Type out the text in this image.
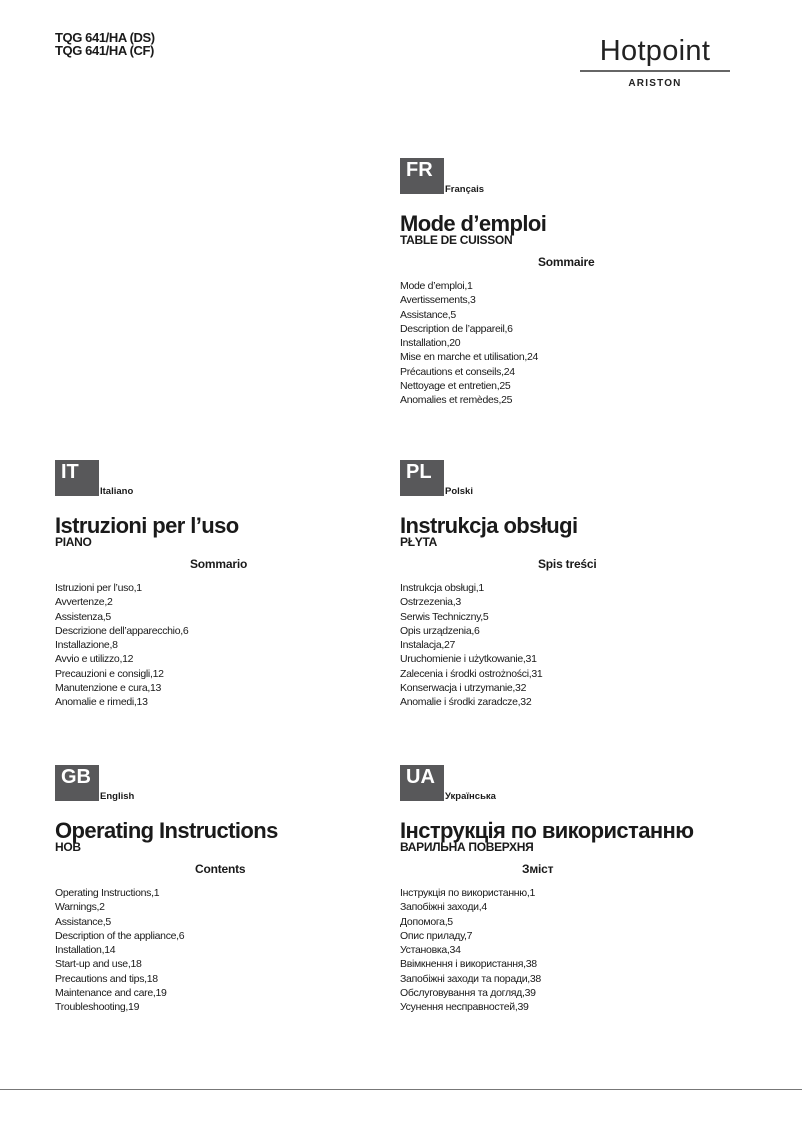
TQG 641/HA (DS)
TQG 641/HA (CF)	Hotpoint
ARISTON
FR
Français
Mode d’emploi
TABLE DE CUISSON
Sommaire
Mode d’emploi,1
Avertissements,3
Assistance,5
Description de l’appareil,6
Installation,20
Mise en marche et utilisation,24
Précautions et conseils,24
Nettoyage et entretien,25
Anomalies et remèdes,25
IT
Italiano
Istruzioni per l’uso
PIANO
Sommario
Istruzioni per l’uso,1
Avvertenze,2
Assistenza,5
Descrizione dell’apparecchio,6
Installazione,8
Avvio e utilizzo,12
Precauzioni e consigli,12
Manutenzione e cura,13
Anomalie e rimedi,13
PL
Polski
Instrukcja obsługi
PŁYTA
Spis treści
Instrukcja obsługi,1
Ostrzezenia,3
Serwis Techniczny,5
Opis urządzenia,6
Instalacja,27
Uruchomienie i użytkowanie,31
Zalecenia i środki ostrożności,31
Konserwacja i utrzymanie,32
Anomalie i środki zaradcze,32
GB
English
Operating Instructions
HOB
Contents
Operating Instructions,1
Warnings,2
Assistance,5
Description of the appliance,6
Installation,14
Start-up and use,18
Precautions and tips,18
Maintenance and care,19
Troubleshooting,19
UA
Українська
Інструкція по використанню
ВАРИЛЬНА ПОВЕРХНЯ
Зміст
Інструкція по використанню,1
Запобіжні заходи,4
Допомога,5
Опис приладу,7
Установка,34
Ввімкнення і використання,38
Запобіжні заходи та поради,38
Обслуговування та догляд,39
Усунення несправностей,39
